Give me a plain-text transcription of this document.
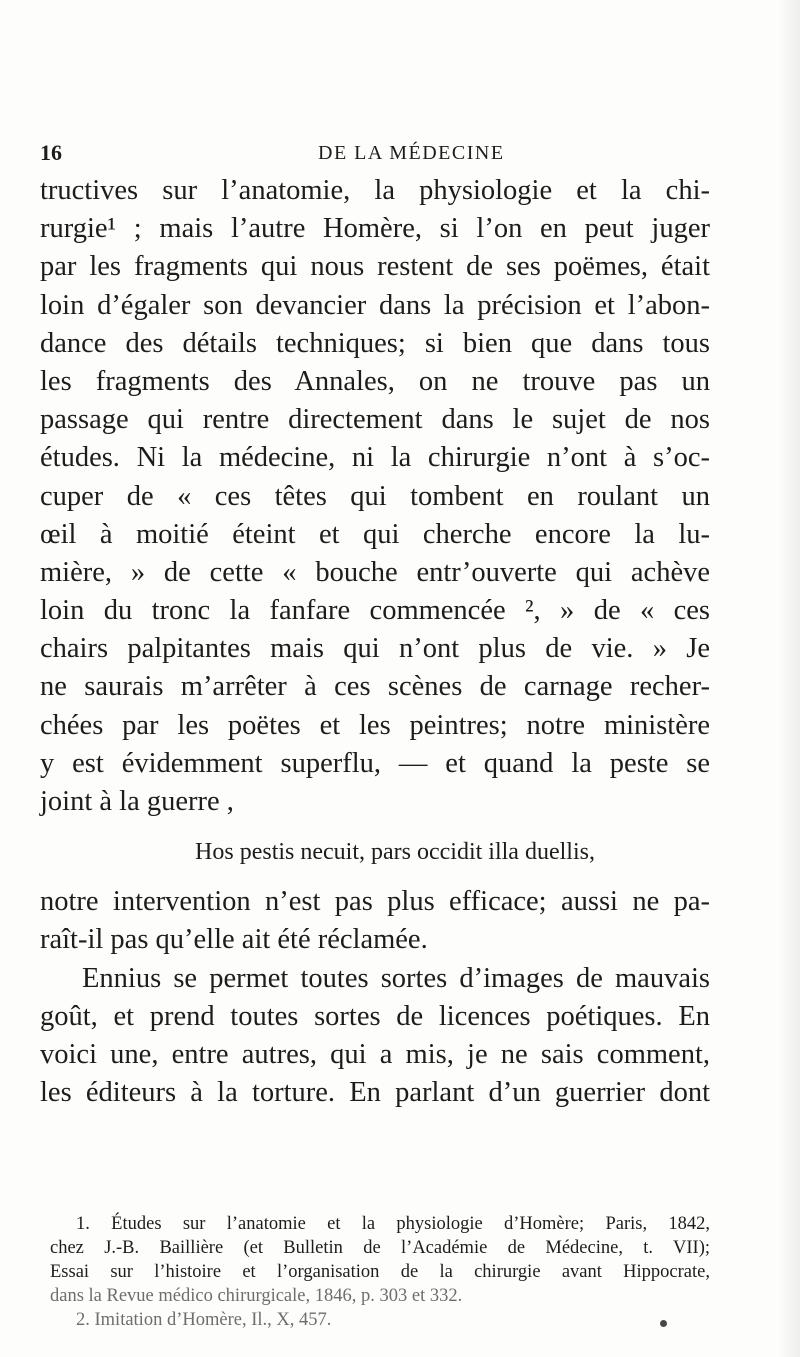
16	DE LA MÉDECINE
tructives sur l’anatomie, la physiologie et la chi-
rurgie¹ ; mais l’autre Homère, si l’on en peut juger
par les fragments qui nous restent de ses poëmes, était
loin d’égaler son devancier dans la précision et l’abon-
dance des détails techniques; si bien que dans tous
les fragments des Annales, on ne trouve pas un
passage qui rentre directement dans le sujet de nos
études. Ni la médecine, ni la chirurgie n’ont à s’oc-
cuper de « ces têtes qui tombent en roulant un
œil à moitié éteint et qui cherche encore la lu-
mière, » de cette « bouche entr’ouverte qui achève
loin du tronc la fanfare commencée ², » de « ces
chairs palpitantes mais qui n’ont plus de vie. » Je
ne saurais m’arrêter à ces scènes de carnage recher-
chées par les poëtes et les peintres; notre ministère
y est évidemment superflu, — et quand la peste se
joint à la guerre ,
Hos pestis necuit, pars occidit illa duellis,
notre intervention n’est pas plus efficace; aussi ne pa-
raît-il pas qu’elle ait été réclamée.
Ennius se permet toutes sortes d’images de mauvais
goût, et prend toutes sortes de licences poétiques. En
voici une, entre autres, qui a mis, je ne sais comment,
les éditeurs à la torture. En parlant d’un guerrier dont
1. Études sur l’anatomie et la physiologie d’Homère; Paris, 1842,
chez J.-B. Baillière (et Bulletin de l’Académie de Médecine, t. VII);
Essai sur l’histoire et l’organisation de la chirurgie avant Hippocrate,
dans la Revue médico chirurgicale, 1846, p. 303 et 332.
2. Imitation d’Homère, Il., X, 457.
